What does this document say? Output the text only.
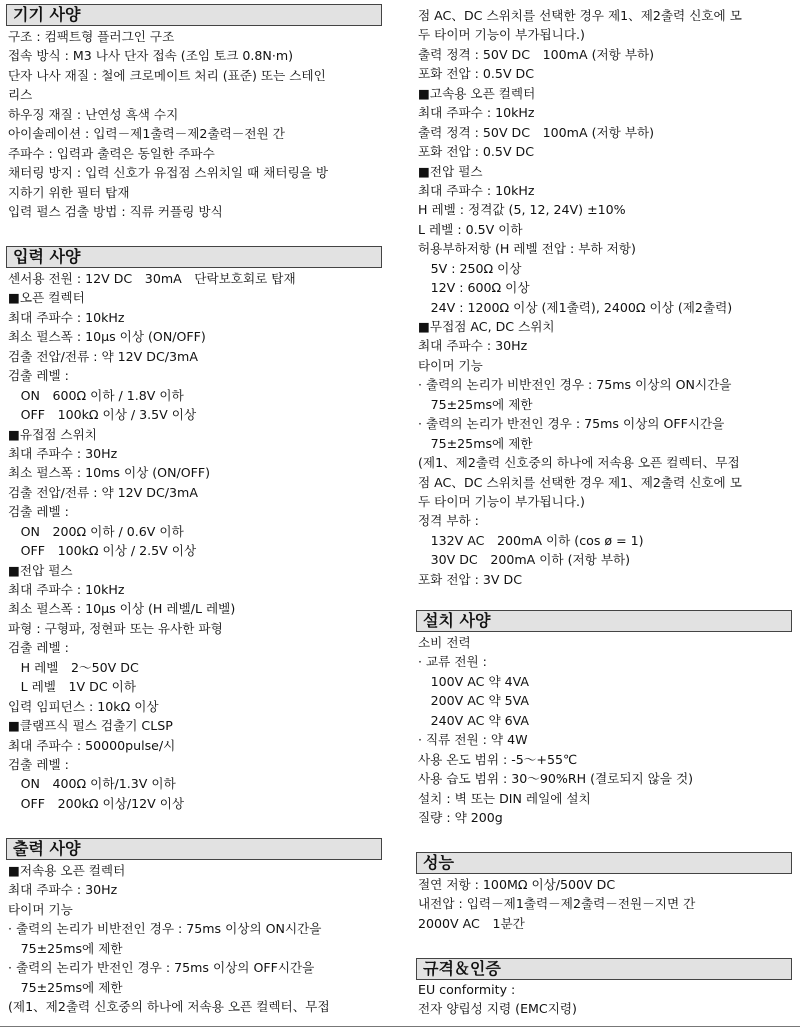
기기 사양
구조 : 컴팩트형 플러그인 구조
접속 방식 : M3 나사 단자 접속 (조임 토크 0.8N·m)
단자 나사 재질 : 철에 크로메이트 처리 (표준) 또는 스테인
리스
하우징 재질 : 난연성 흑색 수지
아이솔레이션 : 입력－제1출력－제2출력－전원 간
주파수 : 입력과 출력은 동일한 주파수
채터링 방지 : 입력 신호가 유접점 스위치일 때 채터링을 방
지하기 위한 필터 탑재
입력 펄스 검출 방법 : 직류 커플링 방식
입력 사양
센서용 전원 : 12V DC　30mA　단락보호회로 탑재
■오픈 컬렉터
최대 주파수 : 10kHz
최소 펄스폭 : 10μs 이상 (ON/OFF)
검출 전압/전류 : 약 12V DC/3mA
검출 레벨 :
　ON　600Ω 이하 / 1.8V 이하
　OFF　100kΩ 이상 / 3.5V 이상
■유접점 스위치
최대 주파수 : 30Hz
최소 펄스폭 : 10ms 이상 (ON/OFF)
검출 전압/전류 : 약 12V DC/3mA
검출 레벨 :
　ON　200Ω 이하 / 0.6V 이하
　OFF　100kΩ 이상 / 2.5V 이상
■전압 펄스
최대 주파수 : 10kHz
최소 펄스폭 : 10μs 이상 (H 레벨/L 레벨)
파형 : 구형파, 정현파 또는 유사한 파형
검출 레벨 :
　H 레벨　2～50V DC
　L 레벨　1V DC 이하
입력 임피던스 : 10kΩ 이상
■클램프식 펄스 검출기 CLSP
최대 주파수 : 50000pulse/시
검출 레벨 :
　ON　400Ω 이하/1.3V 이하
　OFF　200kΩ 이상/12V 이상
출력 사양
■저속용 오픈 컬렉터
최대 주파수 : 30Hz
타이머 기능
· 출력의 논리가 비반전인 경우 : 75ms 이상의 ON시간을
　75±25ms에 제한
· 출력의 논리가 반전인 경우 : 75ms 이상의 OFF시간을
　75±25ms에 제한
(제1、제2출력 신호중의 하나에 저속용 오픈 컬렉터、무접
점 AC、DC 스위치를 선택한 경우 제1、제2출력 신호에 모
두 타이머 기능이 부가됩니다.)
출력 정격 : 50V DC　100mA (저항 부하)
포화 전압 : 0.5V DC
■고속용 오픈 컬렉터
최대 주파수 : 10kHz
출력 정격 : 50V DC　100mA (저항 부하)
포화 전압 : 0.5V DC
■전압 펄스
최대 주파수 : 10kHz
H 레벨 : 정격값 (5, 12, 24V) ±10%
L 레벨 : 0.5V 이하
허용부하저항 (H 레벨 전압 : 부하 저항)
　5V : 250Ω 이상
　12V : 600Ω 이상
　24V : 1200Ω 이상 (제1출력), 2400Ω 이상 (제2출력)
■무접점 AC, DC 스위치
최대 주파수 : 30Hz
타이머 기능
· 출력의 논리가 비반전인 경우 : 75ms 이상의 ON시간을
　75±25ms에 제한
· 출력의 논리가 반전인 경우 : 75ms 이상의 OFF시간을
　75±25ms에 제한
(제1、제2출력 신호중의 하나에 저속용 오픈 컬렉터、무접
점 AC、DC 스위치를 선택한 경우 제1、제2출력 신호에 모
두 타이머 기능이 부가됩니다.)
정격 부하 :
　132V AC　200mA 이하 (cos ø = 1)
　30V DC　200mA 이하 (저항 부하)
포화 전압 : 3V DC
설치 사양
소비 전력
· 교류 전원 :
　100V AC 약 4VA
　200V AC 약 5VA
　240V AC 약 6VA
· 직류 전원 : 약 4W
사용 온도 범위 : -5～+55℃
사용 습도 범위 : 30～90%RH (결로되지 않을 것)
설치 : 벽 또는 DIN 레일에 설치
질량 : 약 200g
성능
절연 저항 : 100MΩ 이상/500V DC
내전압 : 입력－제1출력－제2출력－전원－지면 간
2000V AC　1분간
규격＆인증
EU conformity :
전자 양립성 지령 (EMC지령)
